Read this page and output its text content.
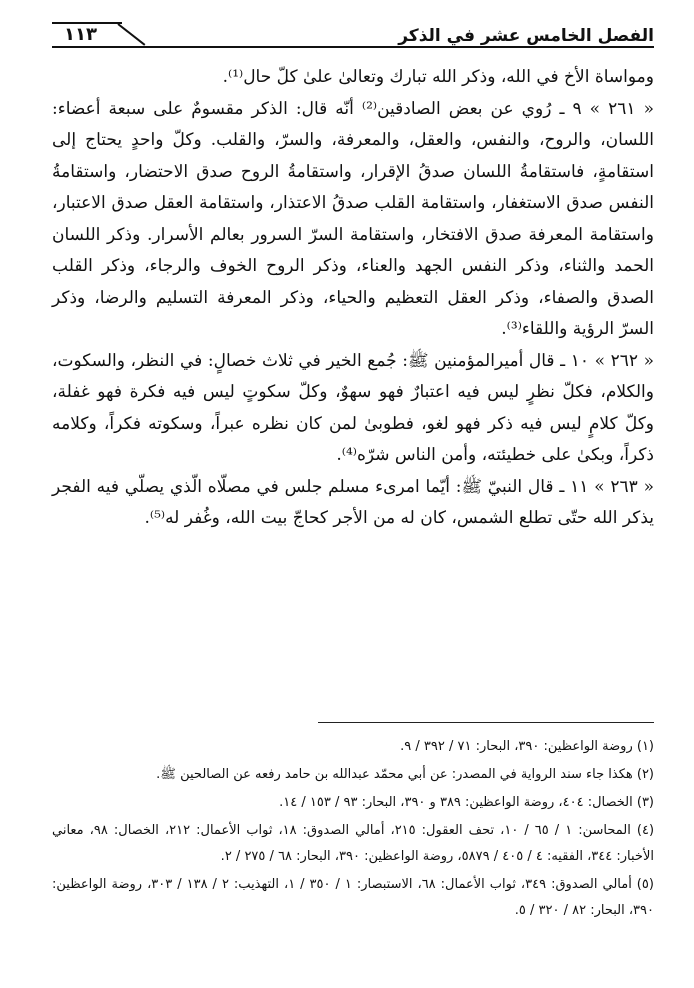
الفصل الخامس عشر في الذكر
١١٣

ومواساة الأخ في الله، وذكر الله تبارك وتعالىٰ علىٰ كلّ حال⁽¹⁾.

« ٢٦١ » ٩ ـ رُوي عن بعض الصادقين⁽²⁾ أنّه قال: الذكر مقسومٌ على سبعة أعضاء: اللسان، والروح، والنفس، والعقل، والمعرفة، والسرّ، والقلب. وكلّ واحدٍ يحتاج إلى استقامةٍ، فاستقامةُ اللسان صدقُ الإقرار، واستقامةُ الروح صدق الاحتضار، واستقامةُ النفس صدق الاستغفار، واستقامة القلب صدقُ الاعتذار، واستقامة العقل صدق الاعتبار، واستقامة المعرفة صدق الافتخار، واستقامة السرّ السرور بعالم الأسرار. وذكر اللسان الحمد والثناء، وذكر النفس الجهد والعناء، وذكر الروح الخوف والرجاء، وذكر القلب الصدق والصفاء، وذكر العقل التعظيم والحياء، وذكر المعرفة التسليم والرضا، وذكر السرّ الرؤية واللقاء⁽³⁾.

« ٢٦٢ » ١٠ ـ قال أميرالمؤمنين ﷺ: جُمع الخير في ثلاث خصالٍ: في النظر، والسكوت، والكلام، فكلّ نظرٍ ليس فيه اعتبارٌ فهو سهوٌ، وكلّ سكوتٍ ليس فيه فكرة فهو غفلة، وكلّ كلامٍ ليس فيه ذكر فهو لغو، فطوبىٰ لمن كان نظره عبراً، وسكوته فكراً، وكلامه ذكراً، وبكىٰ على خطيئته، وأمن الناس شرّه⁽⁴⁾.

« ٢٦٣ » ١١ ـ قال النبيّ ﷺ: أيّما امرىء مسلم جلس في مصلّاه الّذي يصلّي فيه الفجر يذكر الله حتّى تطلع الشمس، كان له من الأجر كحاجّ بيت الله، وغُفر له⁽⁵⁾.

(١) روضة الواعظين: ٣٩٠، البحار: ٧١ / ٣٩٢ / ٩.

(٢) هكذا جاء سند الرواية في المصدر: عن أبي محمّد عبدالله بن حامد رفعه عن الصالحين ﷺ.

(٣) الخصال: ٤٠٤، روضة الواعظين: ٣٨٩ و ٣٩٠، البحار: ٩٣ / ١٥٣ / ١٤.

(٤) المحاسن: ١ / ٦٥ / ١٠، تحف العقول: ٢١٥، أمالي الصدوق: ١٨، ثواب الأعمال: ٢١٢، الخصال: ٩٨، معاني الأخبار: ٣٤٤، الفقيه: ٤ / ٤٠٥ / ٥٨٧٩، روضة الواعظين: ٣٩٠، البحار: ٦٨ / ٢٧٥ / ٢.

(٥) أمالي الصدوق: ٣٤٩، ثواب الأعمال: ٦٨، الاستبصار: ١ / ٣٥٠ / ١، التهذيب: ٢ / ١٣٨ / ٣٠٣، روضة الواعظين: ٣٩٠، البحار: ٨٢ / ٣٢٠ / ٥.
